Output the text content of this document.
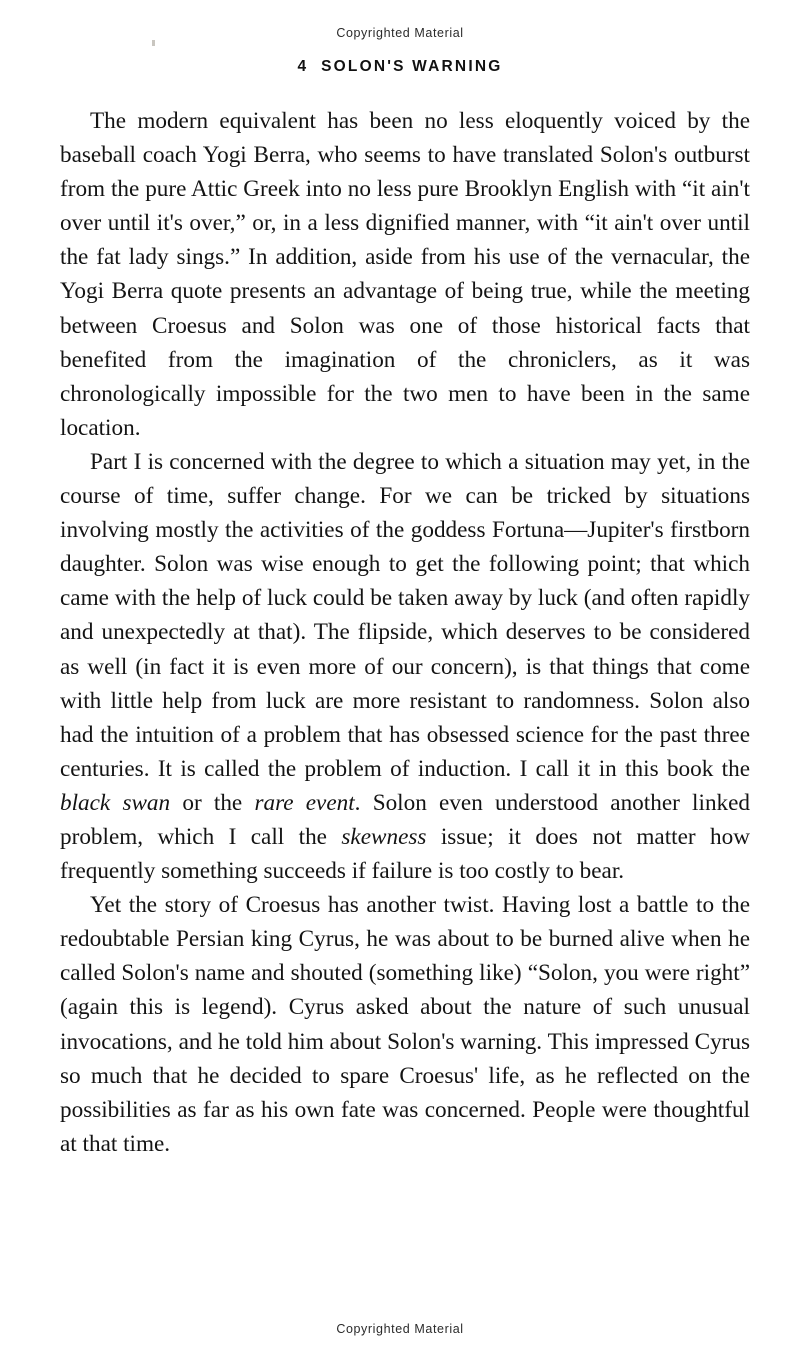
Copyrighted Material
4 SOLON'S WARNING

The modern equivalent has been no less eloquently voiced by the baseball coach Yogi Berra, who seems to have translated Solon's outburst from the pure Attic Greek into no less pure Brooklyn English with “it ain't over until it's over,” or, in a less dignified manner, with “it ain't over until the fat lady sings.” In addition, aside from his use of the vernacular, the Yogi Berra quote presents an advantage of being true, while the meeting between Croesus and Solon was one of those historical facts that benefited from the imagination of the chroniclers, as it was chronologically impossible for the two men to have been in the same location.

Part I is concerned with the degree to which a situation may yet, in the course of time, suffer change. For we can be tricked by situations involving mostly the activities of the goddess Fortuna—Jupiter's firstborn daughter. Solon was wise enough to get the following point; that which came with the help of luck could be taken away by luck (and often rapidly and unexpectedly at that). The flipside, which deserves to be considered as well (in fact it is even more of our concern), is that things that come with little help from luck are more resistant to randomness. Solon also had the intuition of a problem that has obsessed science for the past three centuries. It is called the problem of induction. I call it in this book the black swan or the rare event. Solon even understood another linked problem, which I call the skewness issue; it does not matter how frequently something succeeds if failure is too costly to bear.

Yet the story of Croesus has another twist. Having lost a battle to the redoubtable Persian king Cyrus, he was about to be burned alive when he called Solon's name and shouted (something like) “Solon, you were right” (again this is legend). Cyrus asked about the nature of such unusual invocations, and he told him about Solon's warning. This impressed Cyrus so much that he decided to spare Croesus' life, as he reflected on the possibilities as far as his own fate was concerned. People were thoughtful at that time.

Copyrighted Material
